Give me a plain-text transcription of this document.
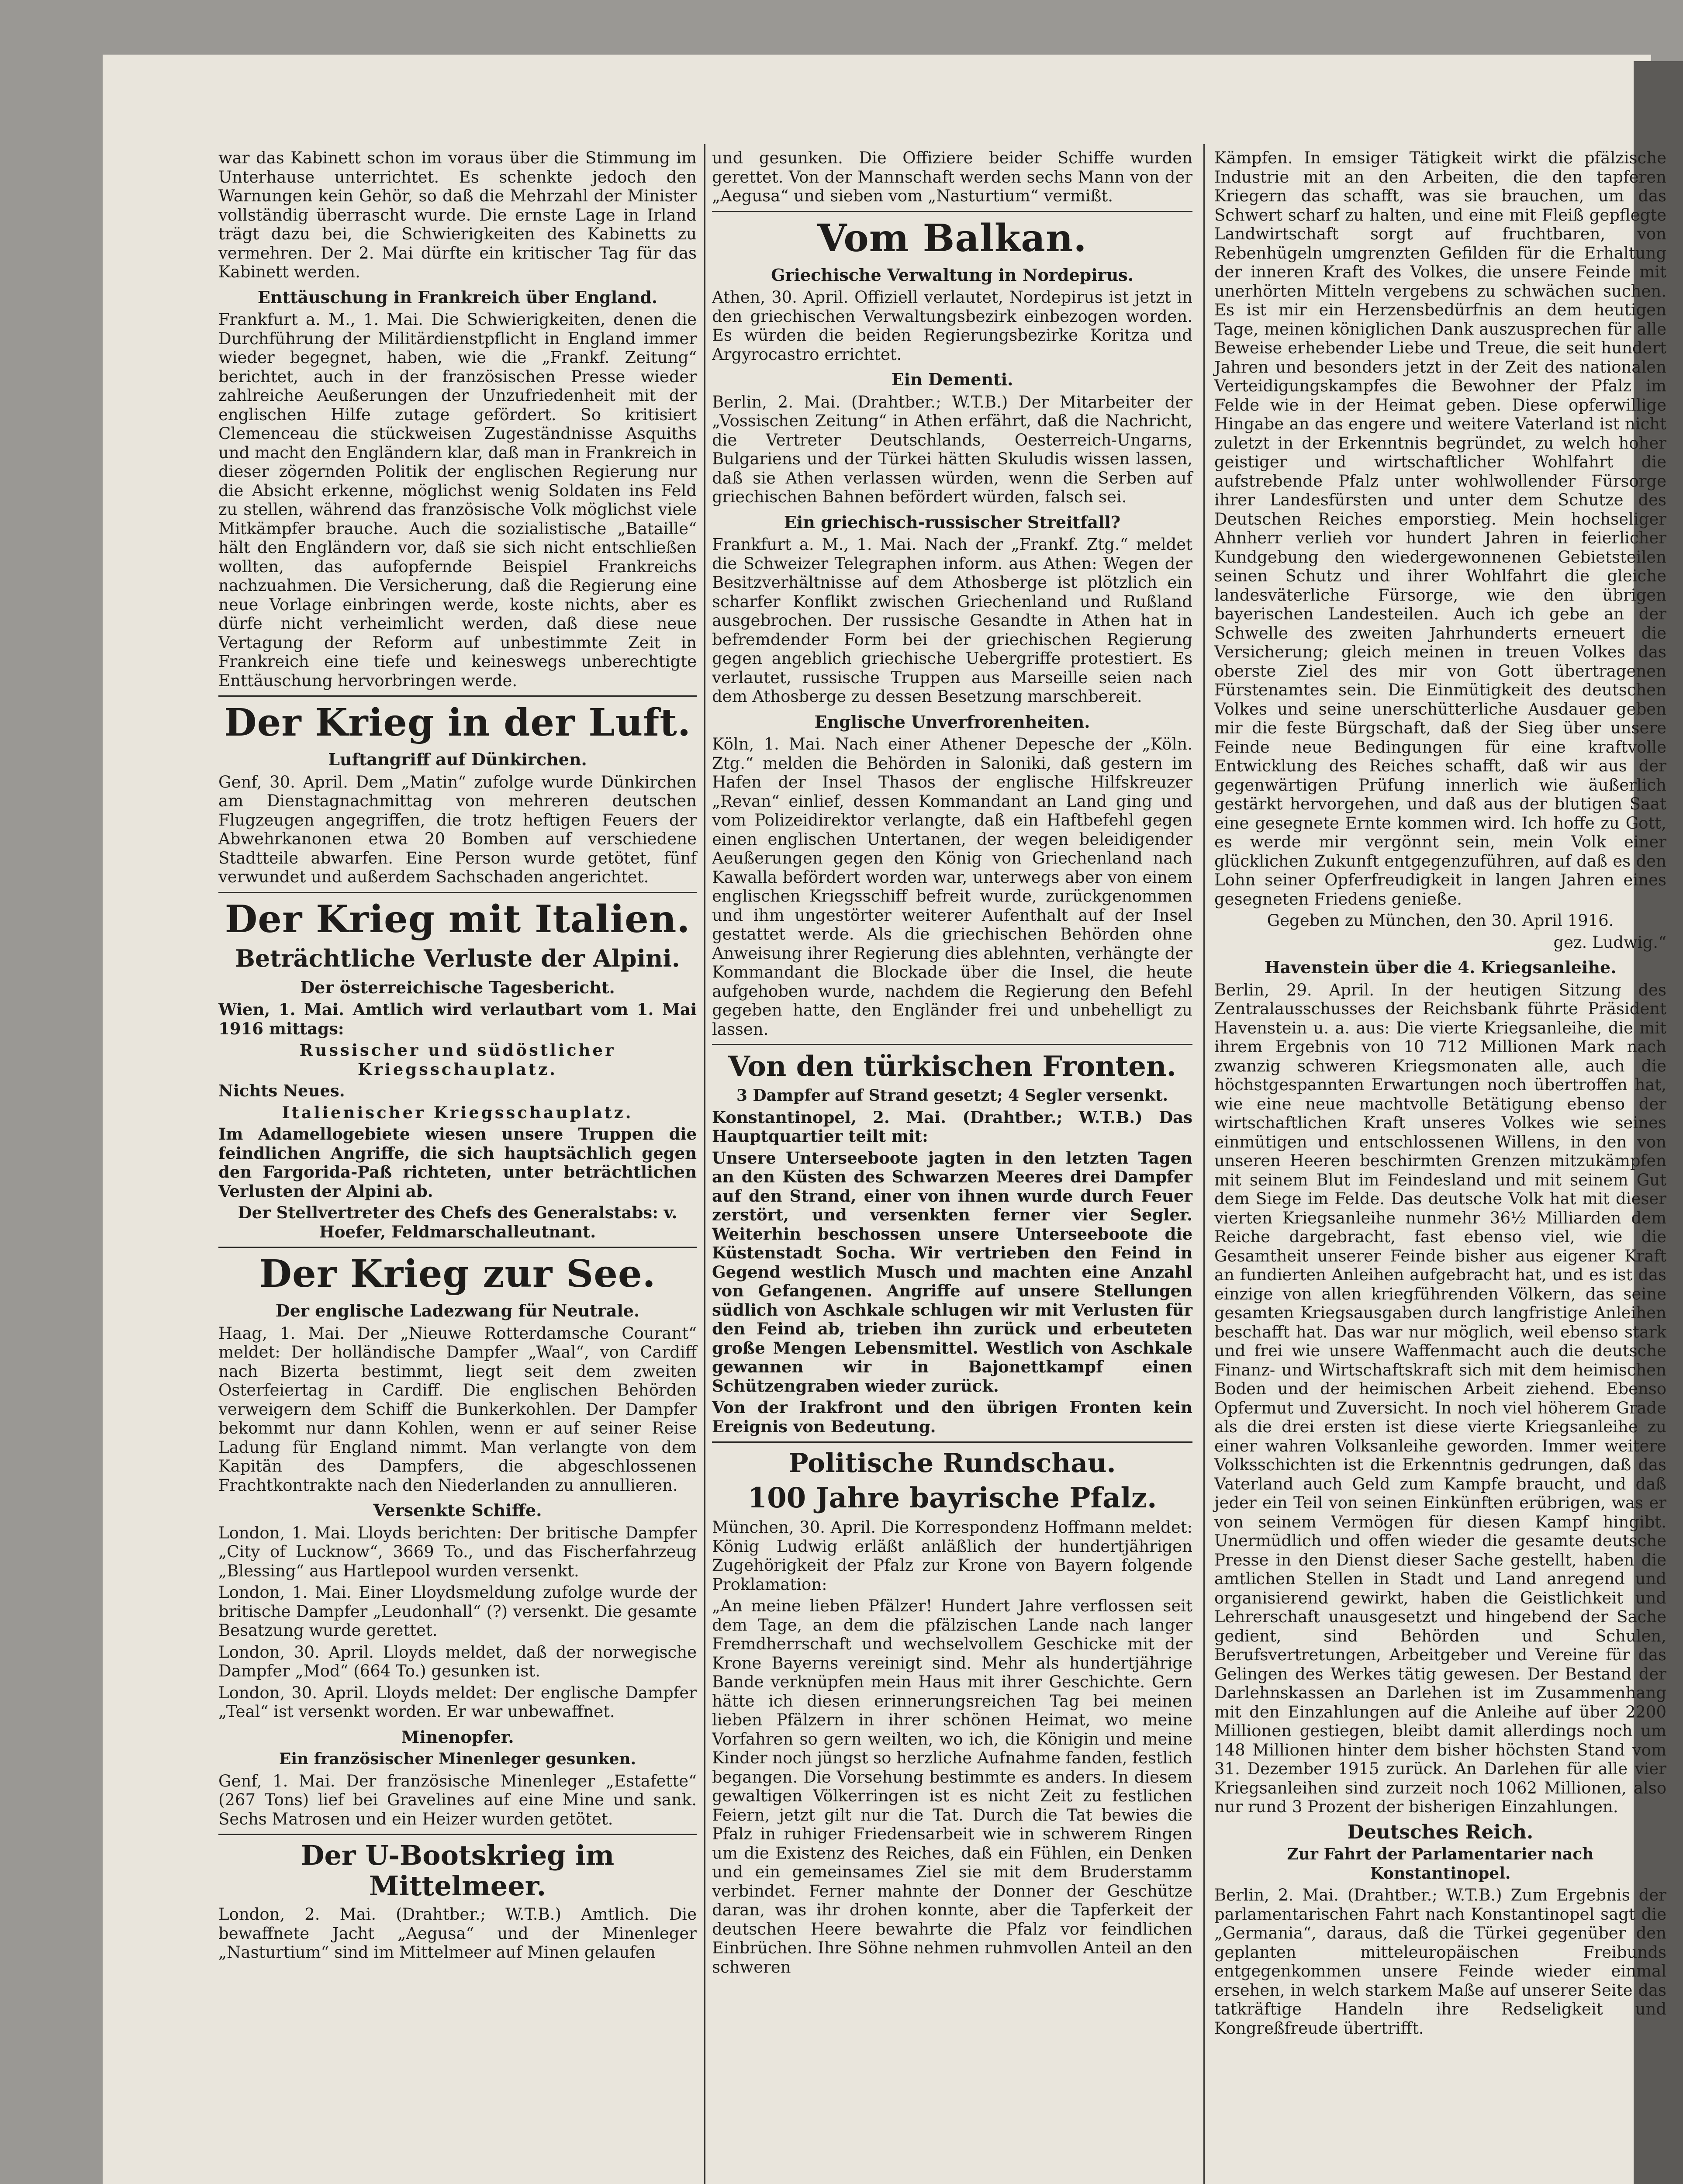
war das Kabinett schon im voraus über die Stimmung im Unterhause unterrichtet. Es schenkte jedoch den Warnungen kein Gehör, so daß die Mehrzahl der Minister vollständig überrascht wurde. Die ernste Lage in Irland trägt dazu bei, die Schwierigkeiten des Kabinetts zu vermehren. Der 2. Mai dürfte ein kritischer Tag für das Kabinett werden.

Enttäuschung in Frankreich über England.

Frankfurt a. M., 1. Mai. Die Schwierigkeiten, denen die Durchführung der Militärdienstpflicht in England immer wieder begegnet, haben, wie die „Frankf. Zeitung“ berichtet, auch in der französischen Presse wieder zahlreiche Aeußerungen der Unzufriedenheit mit der englischen Hilfe zutage gefördert. So kritisiert Clemenceau die stückweisen Zugeständnisse Asquiths und macht den Engländern klar, daß man in Frankreich in dieser zögernden Politik der englischen Regierung nur die Absicht erkenne, möglichst wenig Soldaten ins Feld zu stellen, während das französische Volk möglichst viele Mitkämpfer brauche. Auch die sozialistische „Bataille“ hält den Engländern vor, daß sie sich nicht entschließen wollten, das aufopfernde Beispiel Frankreichs nachzuahmen. Die Versicherung, daß die Regierung eine neue Vorlage einbringen werde, koste nichts, aber es dürfe nicht verheimlicht werden, daß diese neue Vertagung der Reform auf unbestimmte Zeit in Frankreich eine tiefe und keineswegs unberechtigte Enttäuschung hervorbringen werde.

Der Krieg in der Luft.
Luftangriff auf Dünkirchen.

Genf, 30. April. Dem „Matin“ zufolge wurde Dünkirchen am Dienstagnachmittag von mehreren deutschen Flugzeugen angegriffen, die trotz heftigen Feuers der Abwehrkanonen etwa 20 Bomben auf verschiedene Stadtteile abwarfen. Eine Person wurde getötet, fünf verwundet und außerdem Sachschaden angerichtet.

Der Krieg mit Italien.
Beträchtliche Verluste der Alpini.
Der österreichische Tagesbericht.

Wien, 1. Mai. Amtlich wird verlautbart vom 1. Mai 1916 mittags:

Russischer und südöstlicher Kriegsschauplatz.

Nichts Neues.

Italienischer Kriegsschauplatz.

Im Adamellogebiete wiesen unsere Truppen die feindlichen Angriffe, die sich hauptsächlich gegen den Fargorida-Paß richteten, unter beträchtlichen Verlusten der Alpini ab.

Der Stellvertreter des Chefs des Generalstabs: v. Hoefer, Feldmarschalleutnant.

Der Krieg zur See.
Der englische Ladezwang für Neutrale.

Haag, 1. Mai. Der „Nieuwe Rotterdamsche Courant“ meldet: Der holländische Dampfer „Waal“, von Cardiff nach Bizerta bestimmt, liegt seit dem zweiten Osterfeiertag in Cardiff. Die englischen Behörden verweigern dem Schiff die Bunkerkohlen. Der Dampfer bekommt nur dann Kohlen, wenn er auf seiner Reise Ladung für England nimmt. Man verlangte von dem Kapitän des Dampfers, die abgeschlossenen Frachtkontrakte nach den Niederlanden zu annullieren.

Versenkte Schiffe.

London, 1. Mai. Lloyds berichten: Der britische Dampfer „City of Lucknow“, 3669 To., und das Fischerfahrzeug „Blessing“ aus Hartlepool wurden versenkt.

London, 1. Mai. Einer Lloydsmeldung zufolge wurde der britische Dampfer „Leudonhall“ (?) versenkt. Die gesamte Besatzung wurde gerettet.

London, 30. April. Lloyds meldet, daß der norwegische Dampfer „Mod“ (664 To.) gesunken ist.

London, 30. April. Lloyds meldet: Der englische Dampfer „Teal“ ist versenkt worden. Er war unbewaffnet.

Minenopfer.
Ein französischer Minenleger gesunken.

Genf, 1. Mai. Der französische Minenleger „Estafette“ (267 Tons) lief bei Gravelines auf eine Mine und sank. Sechs Matrosen und ein Heizer wurden getötet.

Der U-Bootskrieg im Mittelmeer.

London, 2. Mai. (Drahtber.; W.T.B.) Amtlich. Die bewaffnete Jacht „Aegusa“ und der Minenleger „Nasturtium“ sind im Mittelmeer auf Minen gelaufen

und gesunken. Die Offiziere beider Schiffe wurden gerettet. Von der Mannschaft werden sechs Mann von der „Aegusa“ und sieben vom „Nasturtium“ vermißt.

Vom Balkan.
Griechische Verwaltung in Nordepirus.

Athen, 30. April. Offiziell verlautet, Nordepirus ist jetzt in den griechischen Verwaltungsbezirk einbezogen worden. Es würden die beiden Regierungsbezirke Koritza und Argyrocastro errichtet.

Ein Dementi.

Berlin, 2. Mai. (Drahtber.; W.T.B.) Der Mitarbeiter der „Vossischen Zeitung“ in Athen erfährt, daß die Nachricht, die Vertreter Deutschlands, Oesterreich-Ungarns, Bulgariens und der Türkei hätten Skuludis wissen lassen, daß sie Athen verlassen würden, wenn die Serben auf griechischen Bahnen befördert würden, falsch sei.

Ein griechisch-russischer Streitfall?

Frankfurt a. M., 1. Mai. Nach der „Frankf. Ztg.“ meldet die Schweizer Telegraphen inform. aus Athen: Wegen der Besitzverhältnisse auf dem Athosberge ist plötzlich ein scharfer Konflikt zwischen Griechenland und Rußland ausgebrochen. Der russische Gesandte in Athen hat in befremdender Form bei der griechischen Regierung gegen angeblich griechische Uebergriffe protestiert. Es verlautet, russische Truppen aus Marseille seien nach dem Athosberge zu dessen Besetzung marschbereit.

Englische Unverfrorenheiten.

Köln, 1. Mai. Nach einer Athener Depesche der „Köln. Ztg.“ melden die Behörden in Saloniki, daß gestern im Hafen der Insel Thasos der englische Hilfskreuzer „Revan“ einlief, dessen Kommandant an Land ging und vom Polizeidirektor verlangte, daß ein Haftbefehl gegen einen englischen Untertanen, der wegen beleidigender Aeußerungen gegen den König von Griechenland nach Kawalla befördert worden war, unterwegs aber von einem englischen Kriegsschiff befreit wurde, zurückgenommen und ihm ungestörter weiterer Aufenthalt auf der Insel gestattet werde. Als die griechischen Behörden ohne Anweisung ihrer Regierung dies ablehnten, verhängte der Kommandant die Blockade über die Insel, die heute aufgehoben wurde, nachdem die Regierung den Befehl gegeben hatte, den Engländer frei und unbehelligt zu lassen.

Von den türkischen Fronten.
3 Dampfer auf Strand gesetzt; 4 Segler versenkt.

Konstantinopel, 2. Mai. (Drahtber.; W.T.B.) Das Hauptquartier teilt mit:

Unsere Unterseeboote jagten in den letzten Tagen an den Küsten des Schwarzen Meeres drei Dampfer auf den Strand, einer von ihnen wurde durch Feuer zerstört, und versenkten ferner vier Segler. Weiterhin beschossen unsere Unterseeboote die Küstenstadt Socha. Wir vertrieben den Feind in Gegend westlich Musch und machten eine Anzahl von Gefangenen. Angriffe auf unsere Stellungen südlich von Aschkale schlugen wir mit Verlusten für den Feind ab, trieben ihn zurück und erbeuteten große Mengen Lebensmittel. Westlich von Aschkale gewannen wir in Bajonettkampf einen Schützengraben wieder zurück.

Von der Irakfront und den übrigen Fronten kein Ereignis von Bedeutung.

Politische Rundschau.
100 Jahre bayrische Pfalz.

München, 30. April. Die Korrespondenz Hoffmann meldet: König Ludwig erläßt anläßlich der hundertjährigen Zugehörigkeit der Pfalz zur Krone von Bayern folgende Proklamation:

„An meine lieben Pfälzer! Hundert Jahre verflossen seit dem Tage, an dem die pfälzischen Lande nach langer Fremdherrschaft und wechselvollem Geschicke mit der Krone Bayerns vereinigt sind. Mehr als hundertjährige Bande verknüpfen mein Haus mit ihrer Geschichte. Gern hätte ich diesen erinnerungsreichen Tag bei meinen lieben Pfälzern in ihrer schönen Heimat, wo meine Vorfahren so gern weilten, wo ich, die Königin und meine Kinder noch jüngst so herzliche Aufnahme fanden, festlich begangen. Die Vorsehung bestimmte es anders. In diesem gewaltigen Völkerringen ist es nicht Zeit zu festlichen Feiern, jetzt gilt nur die Tat. Durch die Tat bewies die Pfalz in ruhiger Friedensarbeit wie in schwerem Ringen um die Existenz des Reiches, daß ein Fühlen, ein Denken und ein gemeinsames Ziel sie mit dem Bruderstamm verbindet. Ferner mahnte der Donner der Geschütze daran, was ihr drohen konnte, aber die Tapferkeit der deutschen Heere bewahrte die Pfalz vor feindlichen Einbrüchen. Ihre Söhne nehmen ruhmvollen Anteil an den schweren

Kämpfen. In emsiger Tätigkeit wirkt die pfälzische Industrie mit an den Arbeiten, die den tapferen Kriegern das schafft, was sie brauchen, um das Schwert scharf zu halten, und eine mit Fleiß gepflegte Landwirtschaft sorgt auf fruchtbaren, von Rebenhügeln umgrenzten Gefilden für die Erhaltung der inneren Kraft des Volkes, die unsere Feinde mit unerhörten Mitteln vergebens zu schwächen suchen. Es ist mir ein Herzensbedürfnis an dem heutigen Tage, meinen königlichen Dank auszusprechen für alle Beweise erhebender Liebe und Treue, die seit hundert Jahren und besonders jetzt in der Zeit des nationalen Verteidigungskampfes die Bewohner der Pfalz im Felde wie in der Heimat geben. Diese opferwillige Hingabe an das engere und weitere Vaterland ist nicht zuletzt in der Erkenntnis begründet, zu welch hoher geistiger und wirtschaftlicher Wohlfahrt die aufstrebende Pfalz unter wohlwollender Fürsorge ihrer Landesfürsten und unter dem Schutze des Deutschen Reiches emporstieg. Mein hochseliger Ahnherr verlieh vor hundert Jahren in feierlicher Kundgebung den wiedergewonnenen Gebietsteilen seinen Schutz und ihrer Wohlfahrt die gleiche landesväterliche Fürsorge, wie den übrigen bayerischen Landesteilen. Auch ich gebe an der Schwelle des zweiten Jahrhunderts erneuert die Versicherung; gleich meinen in treuen Volkes das oberste Ziel des mir von Gott übertragenen Fürstenamtes sein. Die Einmütigkeit des deutschen Volkes und seine unerschütterliche Ausdauer geben mir die feste Bürgschaft, daß der Sieg über unsere Feinde neue Bedingungen für eine kraftvolle Entwicklung des Reiches schafft, daß wir aus der gegenwärtigen Prüfung innerlich wie äußerlich gestärkt hervorgehen, und daß aus der blutigen Saat eine gesegnete Ernte kommen wird. Ich hoffe zu Gott, es werde mir vergönnt sein, mein Volk einer glücklichen Zukunft entgegenzuführen, auf daß es den Lohn seiner Opferfreudigkeit in langen Jahren eines gesegneten Friedens genieße.

Gegeben zu München, den 30. April 1916.

gez. Ludwig.“

Havenstein über die 4. Kriegsanleihe.

Berlin, 29. April. In der heutigen Sitzung des Zentralausschusses der Reichsbank führte Präsident Havenstein u. a. aus: Die vierte Kriegsanleihe, die mit ihrem Ergebnis von 10 712 Millionen Mark nach zwanzig schweren Kriegsmonaten alle, auch die höchstgespannten Erwartungen noch übertroffen hat, wie eine neue machtvolle Betätigung ebenso der wirtschaftlichen Kraft unseres Volkes wie seines einmütigen und entschlossenen Willens, in den von unseren Heeren beschirmten Grenzen mitzukämpfen mit seinem Blut im Feindesland und mit seinem Gut dem Siege im Felde. Das deutsche Volk hat mit dieser vierten Kriegsanleihe nunmehr 36½ Milliarden dem Reiche dargebracht, fast ebenso viel, wie die Gesamtheit unserer Feinde bisher aus eigener Kraft an fundierten Anleihen aufgebracht hat, und es ist das einzige von allen kriegführenden Völkern, das seine gesamten Kriegsausgaben durch langfristige Anleihen beschafft hat. Das war nur möglich, weil ebenso stark und frei wie unsere Waffenmacht auch die deutsche Finanz- und Wirtschaftskraft sich mit dem heimischen Boden und der heimischen Arbeit ziehend. Ebenso Opfermut und Zuversicht. In noch viel höherem Grade als die drei ersten ist diese vierte Kriegsanleihe zu einer wahren Volksanleihe geworden. Immer weitere Volksschichten ist die Erkenntnis gedrungen, daß das Vaterland auch Geld zum Kampfe braucht, und daß jeder ein Teil von seinen Einkünften erübrigen, was er von seinem Vermögen für diesen Kampf hingibt. Unermüdlich und offen wieder die gesamte deutsche Presse in den Dienst dieser Sache gestellt, haben die amtlichen Stellen in Stadt und Land anregend und organisierend gewirkt, haben die Geistlichkeit und Lehrerschaft unausgesetzt und hingebend der Sache gedient, sind Behörden und Schulen, Berufsvertretungen, Arbeitgeber und Vereine für das Gelingen des Werkes tätig gewesen. Der Bestand der Darlehnskassen an Darlehen ist im Zusammenhang mit den Einzahlungen auf die Anleihe auf über 2200 Millionen gestiegen, bleibt damit allerdings noch um 148 Millionen hinter dem bisher höchsten Stand vom 31. Dezember 1915 zurück. An Darlehen für alle vier Kriegsanleihen sind zurzeit noch 1062 Millionen, also nur rund 3 Prozent der bisherigen Einzahlungen.

Deutsches Reich.
Zur Fahrt der Parlamentarier nach Konstantinopel.

Berlin, 2. Mai. (Drahtber.; W.T.B.) Zum Ergebnis der parlamentarischen Fahrt nach Konstantinopel sagt die „Germania“, daraus, daß die Türkei gegenüber den geplanten mitteleuropäischen Freibunds entgegenkommen unsere Feinde wieder einmal ersehen, in welch starkem Maße auf unserer Seite das tatkräftige Handeln ihre Redseligkeit und Kongreßfreude übertrifft.
